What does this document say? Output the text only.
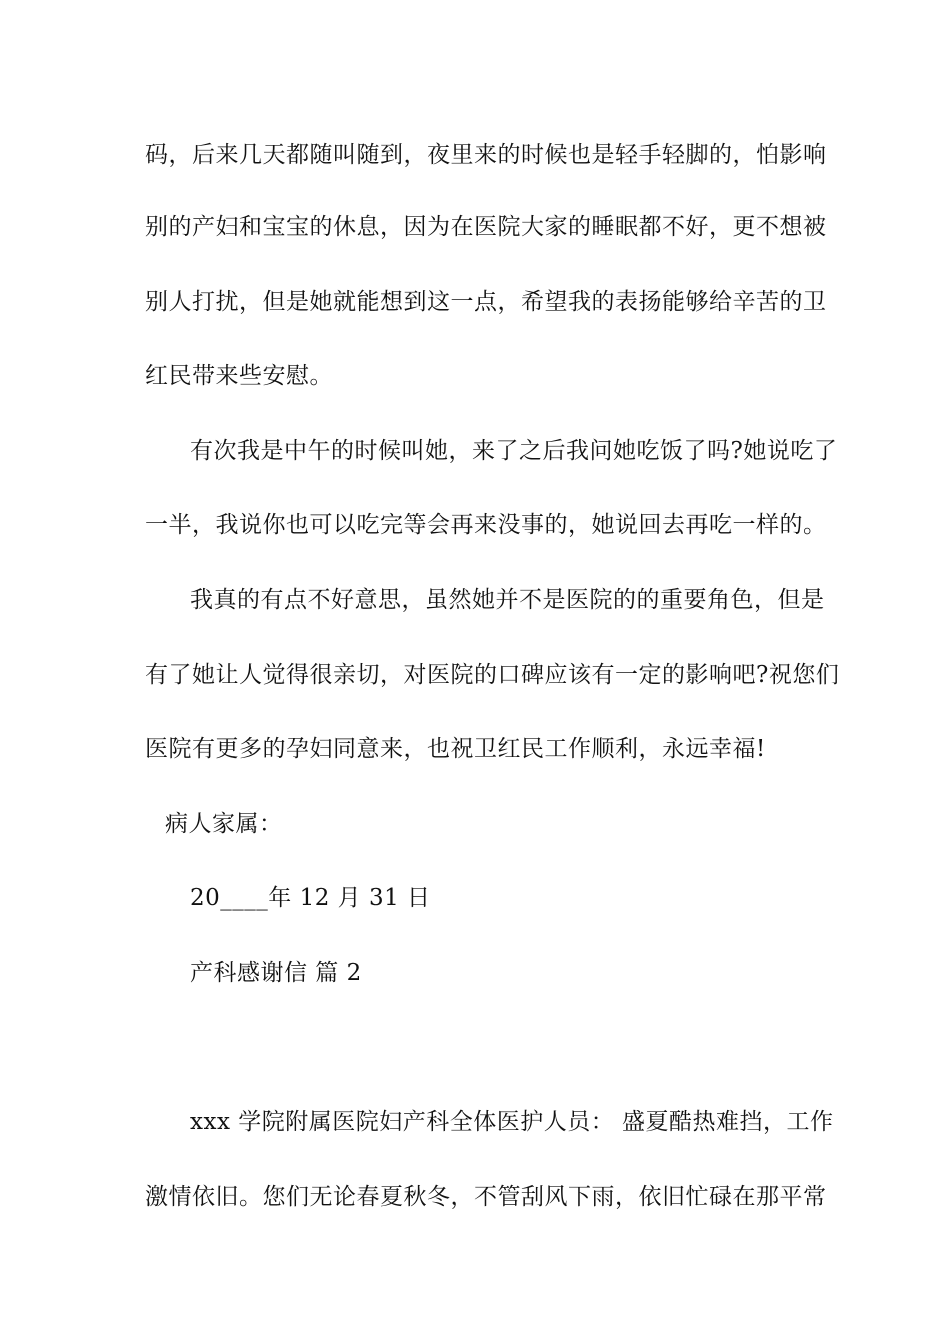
码，后来几天都随叫随到，夜里来的时候也是轻手轻脚的，怕影响
别的产妇和宝宝的休息，因为在医院大家的睡眠都不好，更不想被
别人打扰，但是她就能想到这一点，希望我的表扬能够给辛苦的卫
红民带来些安慰。
有次我是中午的时候叫她，来了之后我问她吃饭了吗?她说吃了
一半，我说你也可以吃完等会再来没事的，她说回去再吃一样的。
我真的有点不好意思，虽然她并不是医院的的重要角色，但是
有了她让人觉得很亲切，对医院的口碑应该有一定的影响吧?祝您们
医院有更多的孕妇同意来，也祝卫红民工作顺利，永远幸福!
病人家属：
20____年 12 月 31 日
产科感谢信 篇 2
xxx 学院附属医院妇产科全体医护人员： 盛夏酷热难挡，工作
激情依旧。您们无论春夏秋冬，不管刮风下雨，依旧忙碌在那平常
